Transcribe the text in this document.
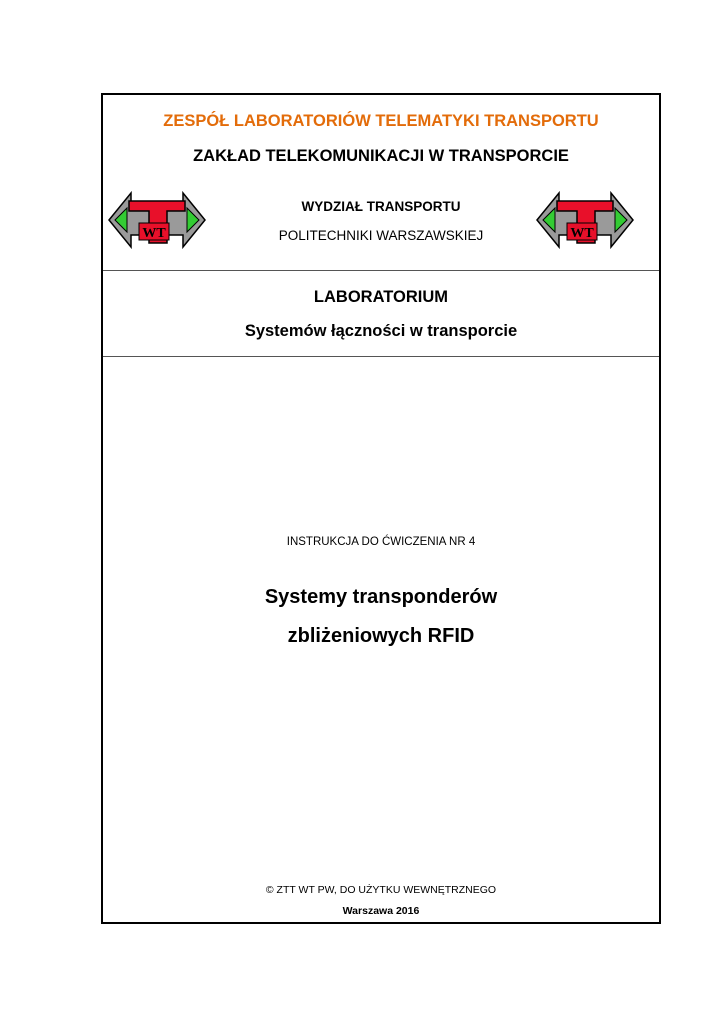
ZESPÓŁ LABORATORIÓW TELEMATYKI TRANSPORTU
ZAKŁAD TELEKOMUNIKACJI W TRANSPORCIE
WT	WT
WYDZIAŁ TRANSPORTU
POLITECHNIKI WARSZAWSKIEJ
LABORATORIUM
Systemów łączności w transporcie
INSTRUKCJA DO ĆWICZENIA NR 4
Systemy transponderów
zbliżeniowych RFID
© ZTT WT PW, DO UŻYTKU WEWNĘTRZNEGO
Warszawa 2016
